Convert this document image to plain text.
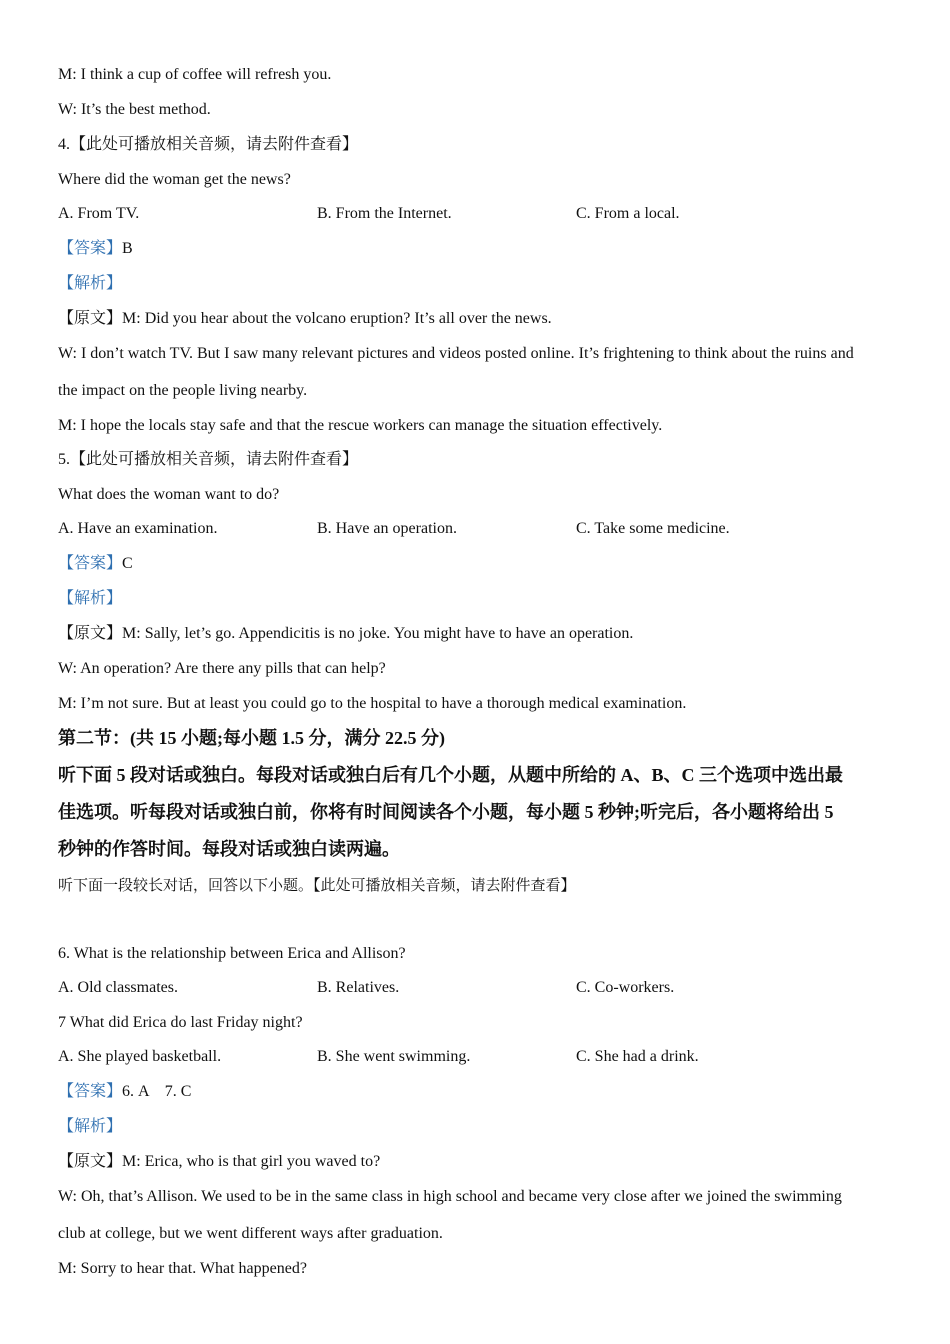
M: I think a cup of coffee will refresh you.
W: It’s the best method.
4.【此处可播放相关音频，请去附件查看】
Where did the woman get the news?
A. From TV.	B. From the Internet.	C. From a local.
【答案】B
【解析】
【原文】M: Did you hear about the volcano eruption? It’s all over the news.
W: I don’t watch TV. But I saw many relevant pictures and videos posted online. It’s frightening to think about the ruins and
the impact on the people living nearby.
M: I hope the locals stay safe and that the rescue workers can manage the situation effectively.
5.【此处可播放相关音频，请去附件查看】
What does the woman want to do?
A. Have an examination.	B. Have an operation.	C. Take some medicine.
【答案】C
【解析】
【原文】M: Sally, let’s go. Appendicitis is no joke. You might have to have an operation.
W: An operation? Are there any pills that can help?
M: I’m not sure. But at least you could go to the hospital to have a thorough medical examination.
第二节：(共 15 小题;每小题 1.5 分，满分 22.5 分)
听下面 5 段对话或独白。每段对话或独白后有几个小题，从题中所给的 A、B、C 三个选项中选出最
佳选项。听每段对话或独白前，你将有时间阅读各个小题，每小题 5 秒钟;听完后，各小题将给出 5
秒钟的作答时间。每段对话或独白读两遍。
听下面一段较长对话，回答以下小题。【此处可播放相关音频，请去附件查看】
6. What is the relationship between Erica and Allison?
A. Old classmates.	B. Relatives.	C. Co-workers.
7 What did Erica do last Friday night?
A. She played basketball.	B. She went swimming.	C. She had a drink.
【答案】6. A    7. C
【解析】
【原文】M: Erica, who is that girl you waved to?
W: Oh, that’s Allison. We used to be in the same class in high school and became very close after we joined the swimming
club at college, but we went different ways after graduation.
M: Sorry to hear that. What happened?
